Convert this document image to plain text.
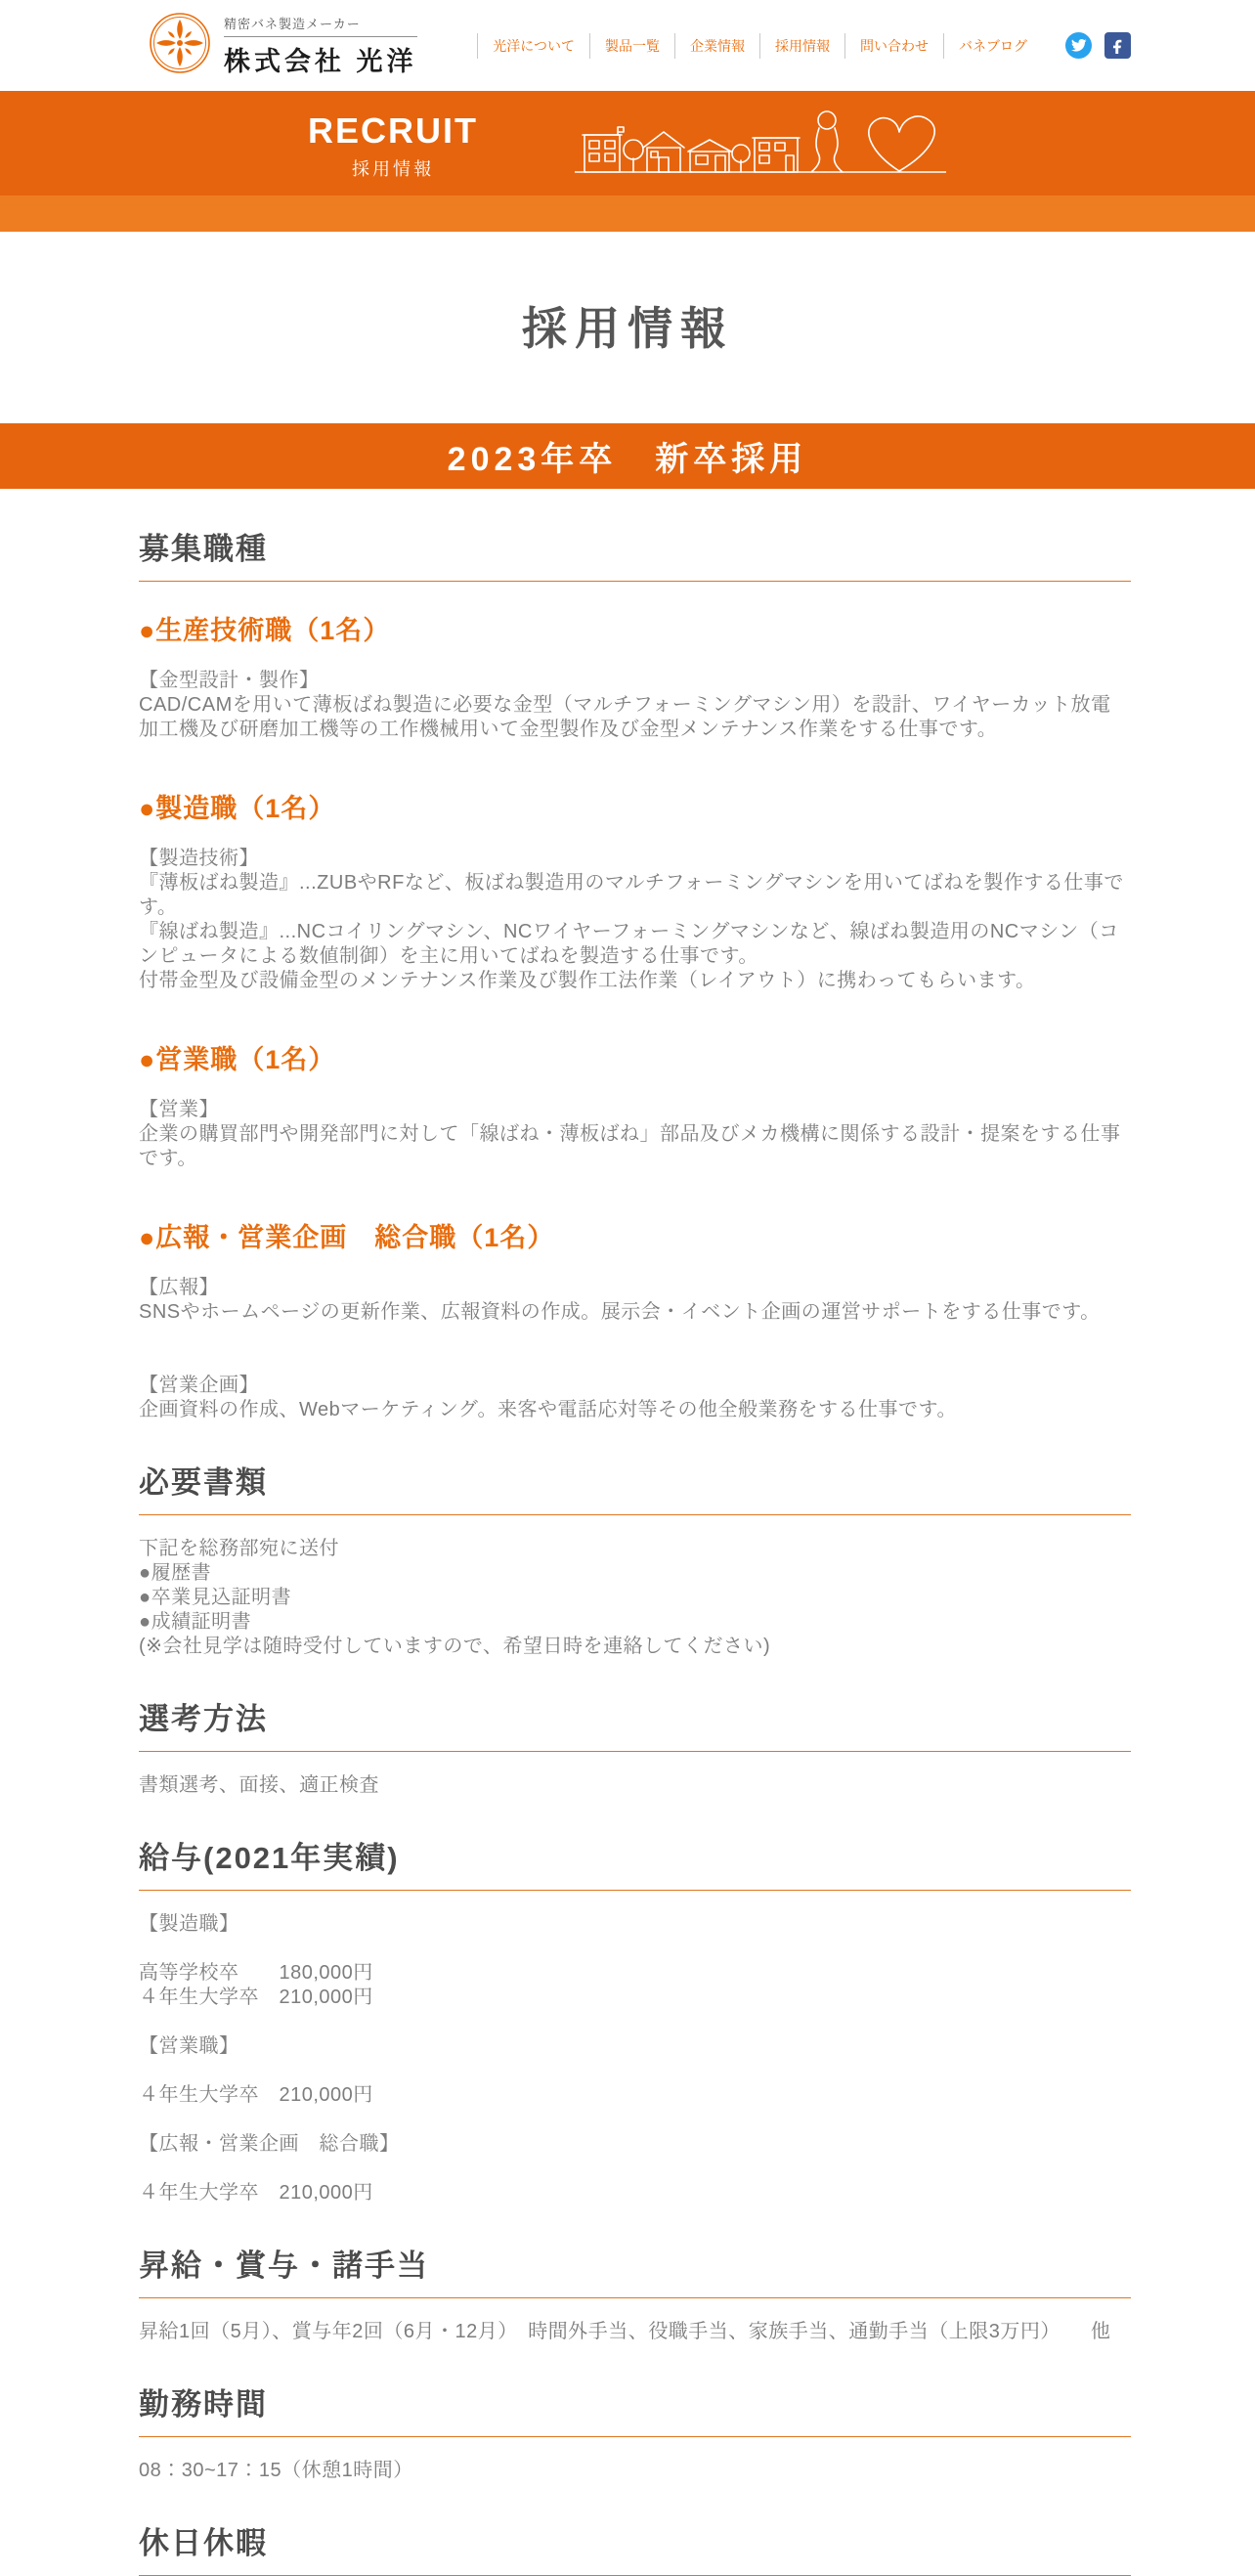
精密バネ製造メーカー
株式会社 光洋
光洋について	製品一覧	企業情報	採用情報	問い合わせ	バネブログ
RECRUIT
採用情報
採用情報
2023年卒　新卒採用
募集職種
●生産技術職（1名）

【金型設計・製作】
CAD/CAMを用いて薄板ばね製造に必要な金型（マルチフォーミングマシン用）を設計、ワイヤーカット放電加工機及び研磨加工機等の工作機械用いて金型製作及び金型メンテナンス作業をする仕事です。

●製造職（1名）

【製造技術】
『薄板ばね製造』...ZUBやRFなど、板ばね製造用のマルチフォーミングマシンを用いてばねを製作する仕事です。
『線ばね製造』...NCコイリングマシン、NCワイヤーフォーミングマシンなど、線ばね製造用のNCマシン（コンピュータによる数値制御）を主に用いてばねを製造する仕事です。
付帯金型及び設備金型のメンテナンス作業及び製作工法作業（レイアウト）に携わってもらいます。

●営業職（1名）

【営業】
企業の購買部門や開発部門に対して「線ばね・薄板ばね」部品及びメカ機構に関係する設計・提案をする仕事です。

●広報・営業企画　総合職（1名）

【広報】
SNSやホームページの更新作業、広報資料の作成。展示会・イベント企画の運営サポートをする仕事です。

【営業企画】
企画資料の作成、Webマーケティング。来客や電話応対等その他全般業務をする仕事です。

必要書類

下記を総務部宛に送付
●履歴書
●卒業見込証明書
●成績証明書
(※会社見学は随時受付していますので、希望日時を連絡してください)

選考方法

書類選考、面接、適正検査

給与(2021年実績)

【製造職】

高等学校卒　　180,000円
４年生大学卒　210,000円

【営業職】

４年生大学卒　210,000円

【広報・営業企画　総合職】

４年生大学卒　210,000円

昇給・賞与・諸手当

昇給1回（5月）、賞与年2回（6月・12月）　時間外手当、役職手当、家族手当、通勤手当（上限3万円）　　他

勤務時間

08：30~17：15（休憩1時間）

休日休暇
